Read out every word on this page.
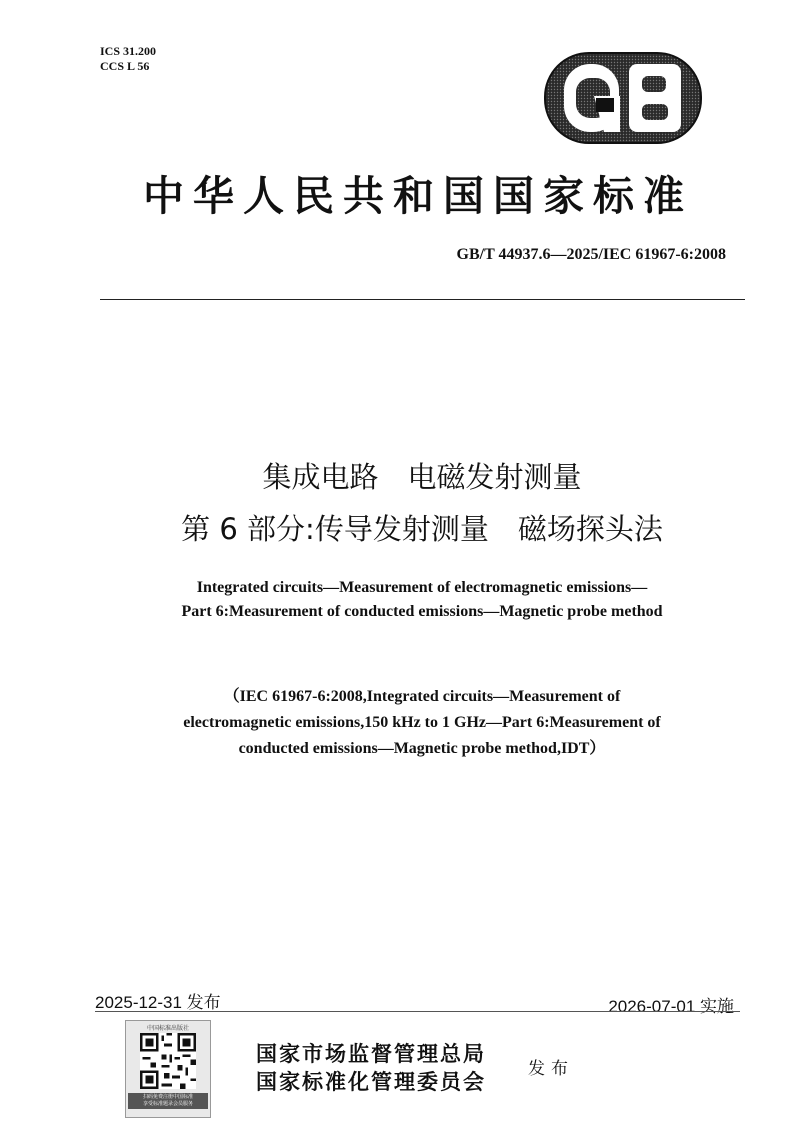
ICS 31.200
CCS L 56
中华人民共和国国家标准
GB/T 44937.6—2025/IEC 61967-6:2008
集成电路　电磁发射测量
第 6 部分:传导发射测量　磁场探头法
Integrated circuits—Measurement of electromagnetic emissions—
Part 6:Measurement of conducted emissions—Magnetic probe method
（IEC 61967-6:2008,Integrated circuits—Measurement of
electromagnetic emissions,150 kHz to 1 GHz—Part 6:Measurement of
conducted emissions—Magnetic probe method,IDT）
2025-12-31 发布	2026-07-01 实施
中国标准出版社
扫码免费注册中国标准
享受标准题录会员服务
国家市场监督管理总局
国家标准化管理委员会 发布
